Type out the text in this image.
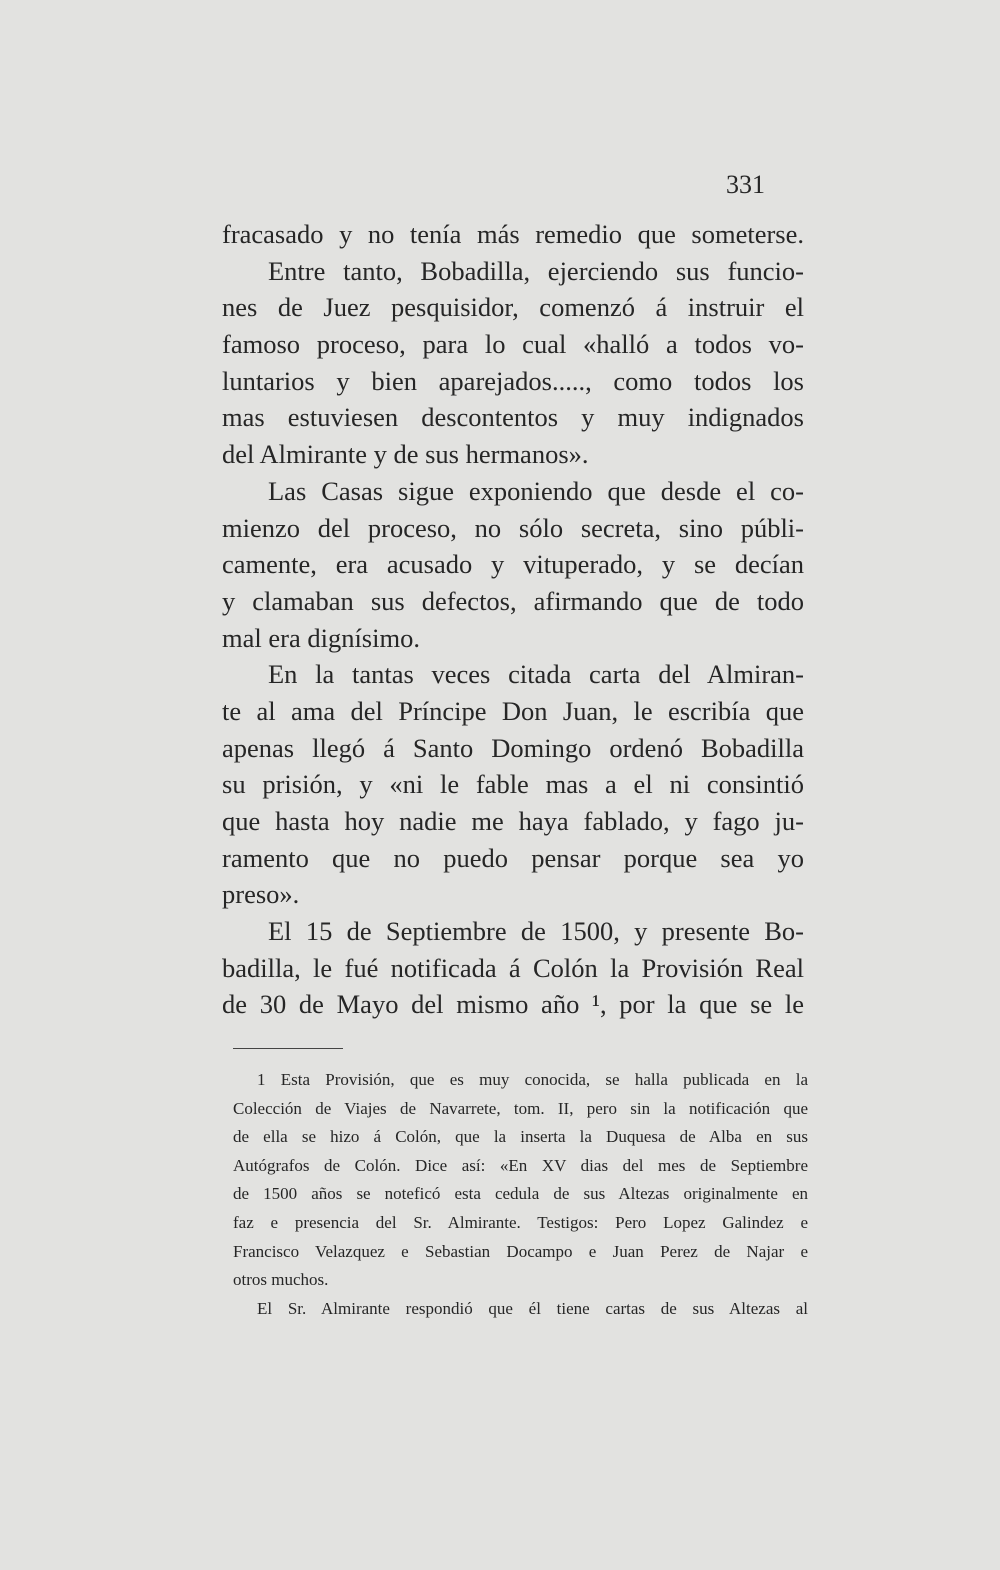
331
fracasado y no tenía más remedio que someterse.
Entre tanto, Bobadilla, ejerciendo sus funcio-
nes de Juez pesquisidor, comenzó á instruir el
famoso proceso, para lo cual «halló a todos vo-
luntarios y bien aparejados....., como todos los
mas estuviesen descontentos y muy indignados
del Almirante y de sus hermanos».
Las Casas sigue exponiendo que desde el co-
mienzo del proceso, no sólo secreta, sino públi-
camente, era acusado y vituperado, y se decían
y clamaban sus defectos, afirmando que de todo
mal era dignísimo.
En la tantas veces citada carta del Almiran-
te al ama del Príncipe Don Juan, le escribía que
apenas llegó á Santo Domingo ordenó Bobadilla
su prisión, y «ni le fable mas a el ni consintió
que hasta hoy nadie me haya fablado, y fago ju-
ramento que no puedo pensar porque sea yo
preso».
El 15 de Septiembre de 1500, y presente Bo-
badilla, le fué notificada á Colón la Provisión Real
de 30 de Mayo del mismo año ¹, por la que se le
1 Esta Provisión, que es muy conocida, se halla publicada en la
Colección de Viajes de Navarrete, tom. II, pero sin la notificación que
de ella se hizo á Colón, que la inserta la Duquesa de Alba en sus
Autógrafos de Colón. Dice así: «En XV dias del mes de Septiembre
de 1500 años se noteficó esta cedula de sus Altezas originalmente en
faz e presencia del Sr. Almirante. Testigos: Pero Lopez Galindez e
Francisco Velazquez e Sebastian Docampo e Juan Perez de Najar e
otros muchos.
El Sr. Almirante respondió que él tiene cartas de sus Altezas al
